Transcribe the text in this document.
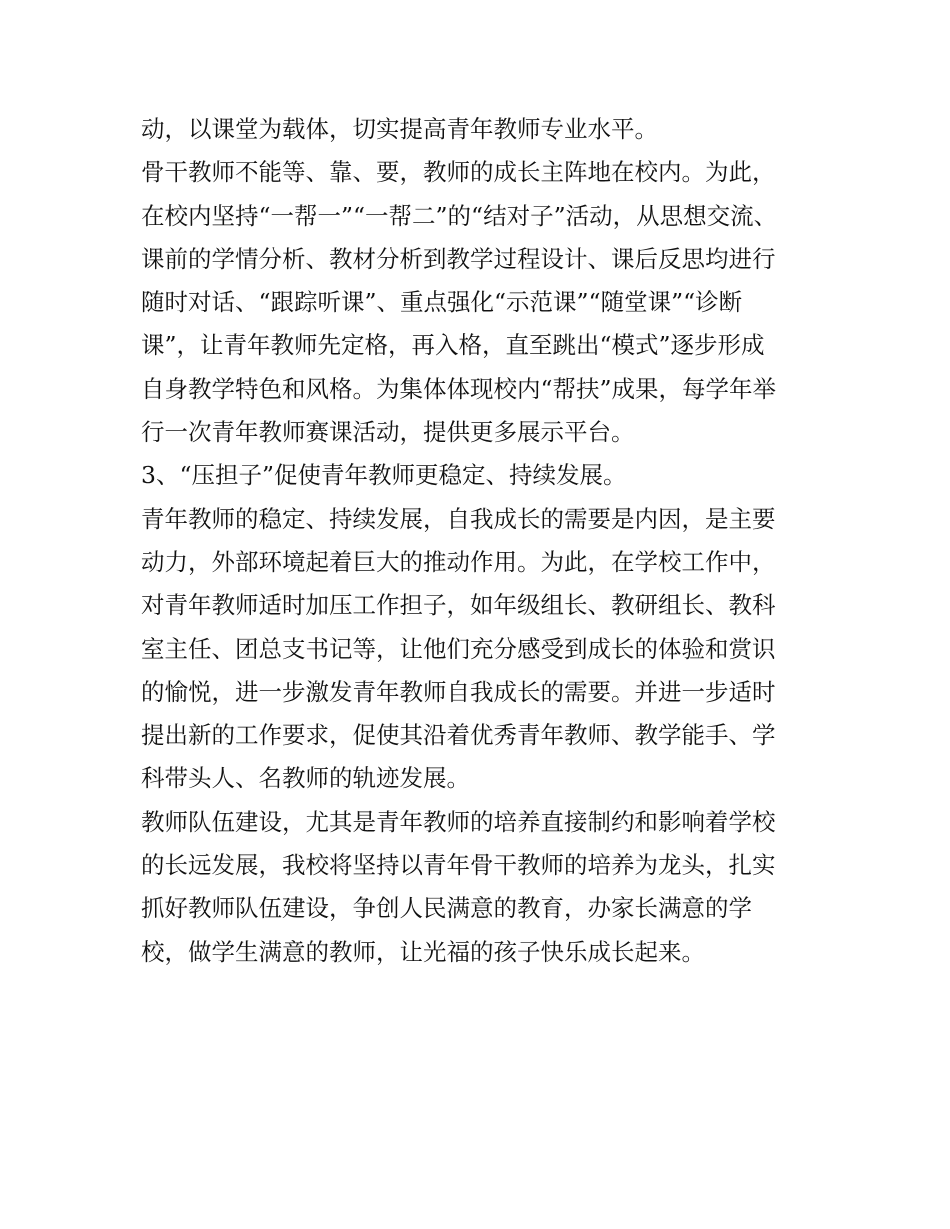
动，以课堂为载体，切实提高青年教师专业水平。
骨干教师不能等、靠、要，教师的成长主阵地在校内。为此，
在校内坚持“一帮一”“一帮二”的“结对子”活动，从思想交流、
课前的学情分析、教材分析到教学过程设计、课后反思均进行
随时对话、“跟踪听课”、重点强化“示范课”“随堂课”“诊断
课”，让青年教师先定格，再入格，直至跳出“模式”逐步形成
自身教学特色和风格。为集体体现校内“帮扶”成果，每学年举
行一次青年教师赛课活动，提供更多展示平台。
3、“压担子”促使青年教师更稳定、持续发展。
青年教师的稳定、持续发展，自我成长的需要是内因，是主要
动力，外部环境起着巨大的推动作用。为此，在学校工作中，
对青年教师适时加压工作担子，如年级组长、教研组长、教科
室主任、团总支书记等，让他们充分感受到成长的体验和赏识
的愉悦，进一步激发青年教师自我成长的需要。并进一步适时
提出新的工作要求，促使其沿着优秀青年教师、教学能手、学
科带头人、名教师的轨迹发展。
教师队伍建设，尤其是青年教师的培养直接制约和影响着学校
的长远发展，我校将坚持以青年骨干教师的培养为龙头，扎实
抓好教师队伍建设，争创人民满意的教育，办家长满意的学
校，做学生满意的教师，让光福的孩子快乐成长起来。
